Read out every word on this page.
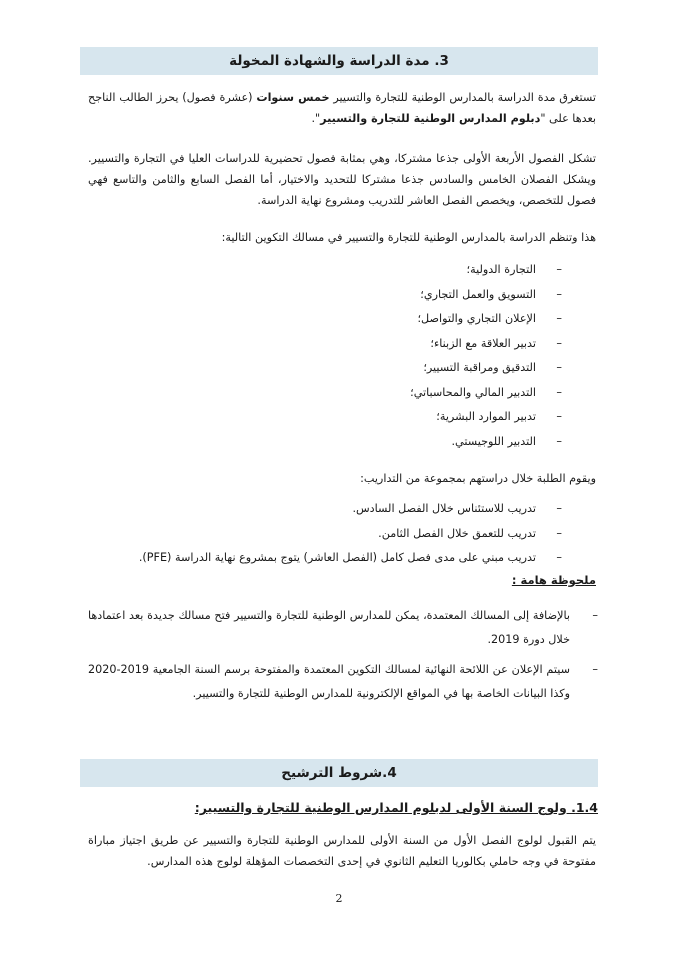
3. مدة الدراسة والشهادة المخولة

تستغرق مدة الدراسة بالمدارس الوطنية للتجارة والتسيير خمس سنوات (عشرة فصول) يحرز الطالب الناجح بعدها على "دبلوم المدارس الوطنية للتجارة والتسيير".

تشكل الفصول الأربعة الأولى جذعا مشتركا، وهي بمثابة فصول تحضيرية للدراسات العليا في التجارة والتسيير. ويشكل الفصلان الخامس والسادس جذعا مشتركا للتحديد والاختيار، أما الفصل السابع والثامن والتاسع فهي فصول للتخصص، ويخصص الفصل العاشر للتدريب ومشروع نهاية الدراسة.

هذا وتنظم الدراسة بالمدارس الوطنية للتجارة والتسيير في مسالك التكوين التالية:

–التجارة الدولية؛
–التسويق والعمل التجاري؛
–الإعلان التجاري والتواصل؛
–تدبير العلاقة مع الزبناء؛
–التدقيق ومراقبة التسيير؛
–التدبير المالي والمحاسباتي؛
–تدبير الموارد البشرية؛
–التدبير اللوجيستي.

ويقوم الطلبة خلال دراستهم بمجموعة من التداريب:

–تدريب للاستئناس خلال الفصل السادس.
–تدريب للتعمق خلال الفصل الثامن.
–تدريب مبني على مدى فصل كامل (الفصل العاشر) يتوج بمشروع نهاية الدراسة (PFE).
ملحوظة هامة :
–
بالإضافة إلى المسالك المعتمدة، يمكن للمدارس الوطنية للتجارة والتسيير فتح مسالك جديدة بعد اعتمادها خلال دورة 2019.
–
سيتم الإعلان عن اللائحة النهائية لمسالك التكوين المعتمدة والمفتوحة برسم السنة الجامعية 2019-2020 وكذا البيانات الخاصة بها في المواقع الإلكترونية للمدارس الوطنية للتجارة والتسيير.
4.شروط الترشيح
1.4. ولوج السنة الأولى لدبلوم المدارس الوطنية للتجارة والتسيير:

يتم القبول لولوج الفصل الأول من السنة الأولى للمدارس الوطنية للتجارة والتسيير عن طريق اجتياز مباراة مفتوحة في وجه حاملي بكالوريا التعليم الثانوي في إحدى التخصصات المؤهلة لولوج هذه المدارس.

2
